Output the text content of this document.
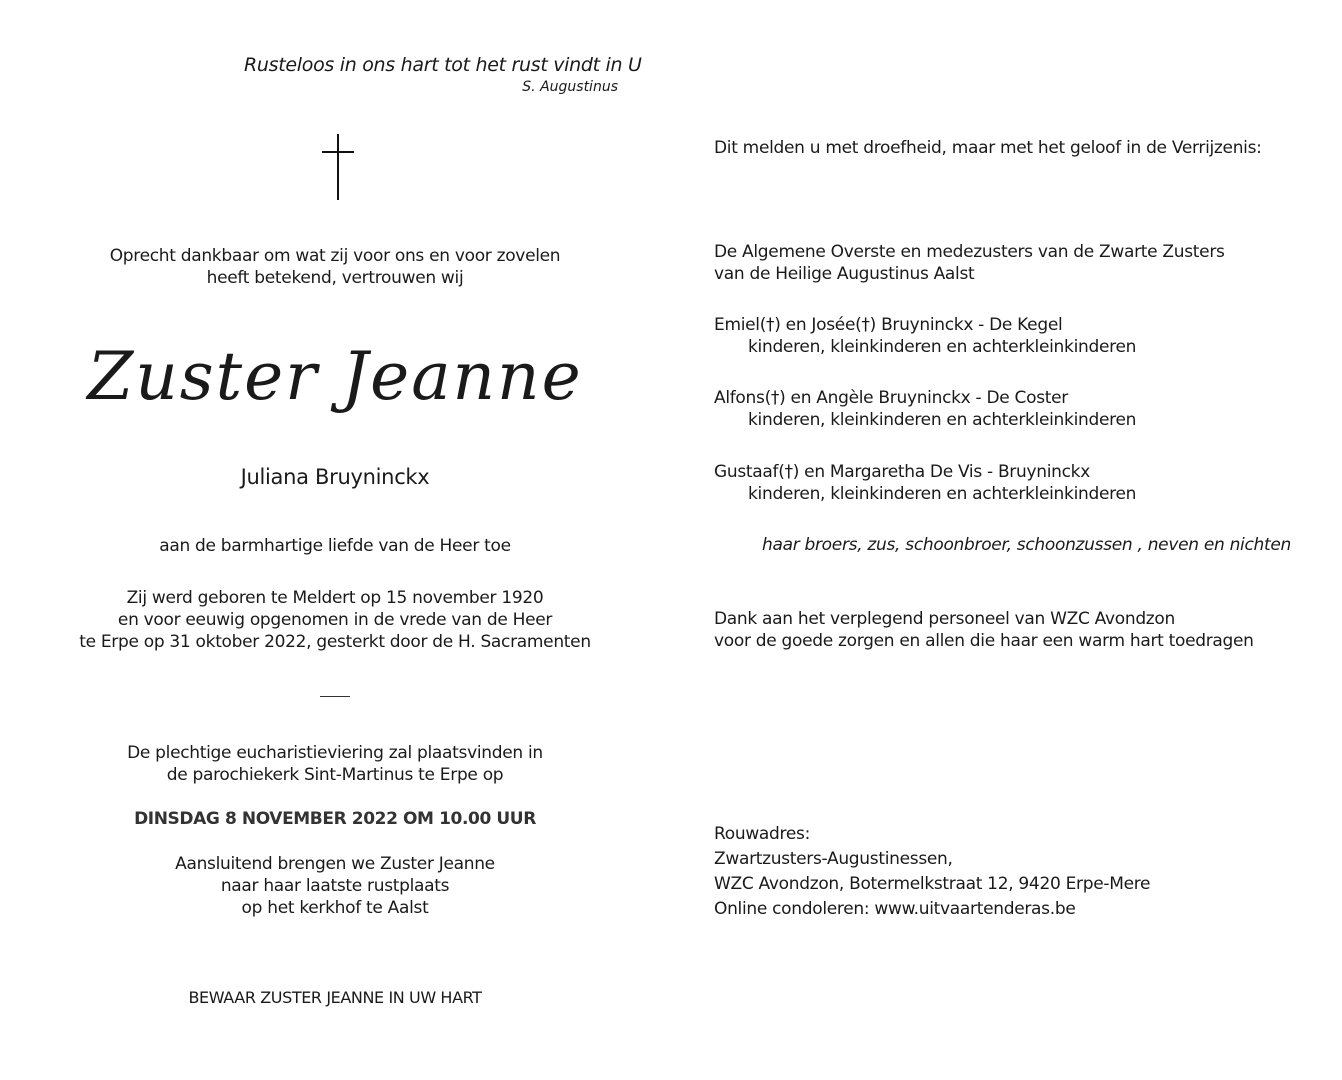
Rusteloos in ons hart tot het rust vindt in U
S. Augustinus
Oprecht dankbaar om wat zij voor ons en voor zovelen
heeft betekend, vertrouwen wij
Zuster Jeanne
Juliana Bruyninckx
aan de barmhartige liefde van de Heer toe
Zij werd geboren te Meldert op 15 november 1920
en voor eeuwig opgenomen in de vrede van de Heer
te Erpe op 31 oktober 2022, gesterkt door de H. Sacramenten
De plechtige eucharistieviering zal plaatsvinden in
de parochiekerk Sint-Martinus te Erpe op
DINSDAG 8 NOVEMBER 2022 OM 10.00 UUR
Aansluitend brengen we Zuster Jeanne
naar haar laatste rustplaats
op het kerkhof te Aalst
BEWAAR ZUSTER JEANNE IN UW HART
Dit melden u met droefheid, maar met het geloof in de Verrijzenis:
De Algemene Overste en medezusters van de Zwarte Zusters
van de Heilige Augustinus Aalst
Emiel(†) en Josée(†) Bruyninckx - De Kegel
kinderen, kleinkinderen en achterkleinkinderen
Alfons(†) en Angèle Bruyninckx - De Coster
kinderen, kleinkinderen en achterkleinkinderen
Gustaaf(†) en Margaretha De Vis - Bruyninckx
kinderen, kleinkinderen en achterkleinkinderen
haar broers, zus, schoonbroer, schoonzussen , neven en nichten
Dank aan het verplegend personeel van WZC Avondzon
voor de goede zorgen en allen die haar een warm hart toedragen
Rouwadres:
Zwartzusters-Augustinessen,
WZC Avondzon, Botermelkstraat 12, 9420 Erpe-Mere
Online condoleren: www.uitvaartenderas.be
